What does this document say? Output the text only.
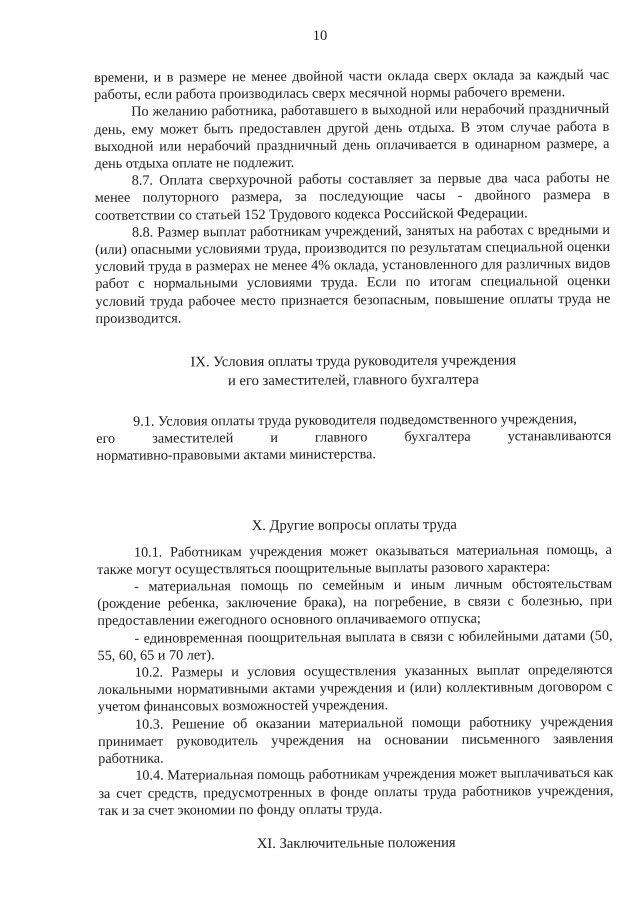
10

времени, и в размере не менее двойной части оклада сверх оклада за каждый час работы, если работа производилась сверх месячной нормы рабочего времени.

По желанию работника, работавшего в выходной или нерабочий праздничный день, ему может быть предоставлен другой день отдыха. В этом случае работа в выходной или нерабочий праздничный день оплачивается в одинарном размере, а день отдыха оплате не подлежит.

8.7. Оплата сверхурочной работы составляет за первые два часа работы не менее полуторного размера, за последующие часы - двойного размера в соответствии со статьей 152 Трудового кодекса Российской Федерации.

8.8. Размер выплат работникам учреждений, занятых на работах с вредными и (или) опасными условиями труда, производится по результатам специальной оценки условий труда в размерах не менее 4% оклада, установленного для различных видов работ с нормальными условиями труда. Если по итогам специальной оценки условий труда рабочее место признается безопасным, повышение оплаты труда не производится.

IX. Условия оплаты труда руководителя учреждения
и его заместителей, главного бухгалтера

9.1. Условия оплаты труда руководителя подведомственного учреждения,

его заместителей и главного бухгалтера устанавливаются

нормативно-правовыми актами министерства.

X. Другие вопросы оплаты труда

10.1. Работникам учреждения может оказываться материальная помощь, а также могут осуществляться поощрительные выплаты разового характера:

- материальная помощь по семейным и иным личным обстоятельствам (рождение ребенка, заключение брака), на погребение, в связи с болезнью, при предоставлении ежегодного основного оплачиваемого отпуска;

- единовременная поощрительная выплата в связи с юбилейными датами (50, 55, 60, 65 и 70 лет).

10.2. Размеры и условия осуществления указанных выплат определяются локальными нормативными актами учреждения и (или) коллективным договором с учетом финансовых возможностей учреждения.

10.3. Решение об оказании материальной помощи работнику учреждения принимает руководитель учреждения на основании письменного заявления работника.

10.4. Материальная помощь работникам учреждения может выплачиваться как за счет средств, предусмотренных в фонде оплаты труда работников учреждения, так и за счет экономии по фонду оплаты труда.

XI. Заключительные положения
